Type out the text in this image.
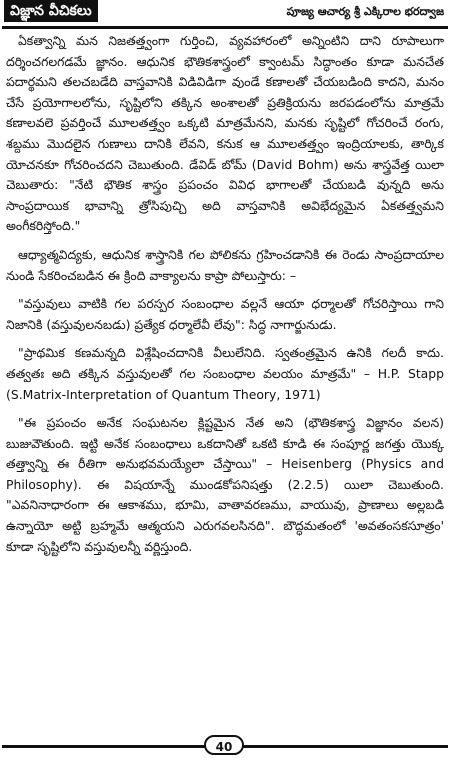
విజ్ఞాన వీచికలు	పూజ్య ఆచార్య శ్రీ ఎక్కిరాల భరద్వాజ

ఏకత్వాన్ని మన నిజతత్త్వంగా గుర్తించి, వ్యవహారంలో అన్నింటిని దాని రూపాలుగా దర్శించగలగడమే జ్ఞానం. ఆధునిక భౌతికశాస్త్రంలో క్వాంటమ్ సిద్ధాంతం కూడా మనచేత పదార్థమని తలచబడేది వాస్తవానికి విడివిడిగా వుండే కణాలతో చేయబడింది కాదని, మనం చేసే ప్రయోగాలలోను, సృష్టిలోని తక్కిన అంశాలతో ప్రతిక్రియను జరపడంలోను మాత్రమే కణాలవలె ప్రవర్తించే మూలతత్త్వం ఒక్కటి మాత్రమేనని, మనకు సృష్టిలో గోచరించే రంగు, శబ్దము మొదలైన గుణాలు దానికి లేవని, కనుక ఆ మూలతత్త్వం ఇంద్రియాలకు, తార్కిక యోచనకూ గోచరించదని చెబుతుంది. డేవిడ్ బోమ్ (David Bohm) అను శాస్త్రవేత్త యిలా చెబుతారు: "నేటి భౌతిక శాస్త్రం ప్రపంచం వివిధ భాగాలతో చేయబడి వున్నది అను సాంప్రదాయిక భావాన్ని త్రోసిపుచ్చి అది వాస్తవానికి అవిభేద్యమైన ఏకతత్త్వమని అంగీకరిస్తోంది."

ఆధ్యాత్మవిద్యకు, ఆధునిక శాస్త్రానికి గల పోలికను గ్రహించడానికి ఈ రెండు సాంప్రదాయాల నుండి సేకరించబడిన ఈ క్రింది వాక్యాలను కాప్రా పోలుస్తారు: –

"వస్తువులు వాటికి గల పరస్పర సంబంధాల వల్లనే ఆయా ధర్మాలతో గోచరిస్తాయి గాని నిజానికి (వస్తువులనబడు) ప్రత్యేక ధర్మాలేవీ లేవు": సిద్ధ నాగార్జునుడు.

"ప్రాథమిక కణమన్నది విశ్లేషించదానికి వీలులేనిది. స్వతంత్రమైన ఉనికి గలదీ కాదు. తత్వతః అది తక్కిన వస్తువులతో గల సంబంధాల వలయం మాత్రమే" – H.P. Stapp (S.Matrix-Interpretation of Quantum Theory, 1971)

"ఈ ప్రపంచం అనేక సంఘటనల క్లిష్టమైన నేత అని (భౌతికశాస్త్ర విజ్ఞానం వలన) బుజువౌతుంది. ఇట్టి అనేక సంబంధాలు ఒకదానితో ఒకటి కూడి ఈ సంపూర్ణ జగత్తు యొక్క తత్త్వాన్ని ఈ రీతిగా అనుభవమయ్యేలా చేస్తాయి" – Heisenberg (Physics and Philosophy). ఈ విషయాన్నే ముండకోపనిషత్తు (2.2.5) యిలా చెబుతుంది. "ఎవనినాధారంగా ఈ ఆకాశము, భూమి, వాతావరణము, వాయువు, ప్రాణాలు అల్లబడి ఉన్నాయో అట్టి బ్రహ్మమే ఆత్మయని ఎరుగవలసినది". బౌద్ధమతంలో 'అవతంసకసూత్రం' కూడా సృష్టిలోని వస్తువులన్నీ వర్ణిస్తుంది.

40
